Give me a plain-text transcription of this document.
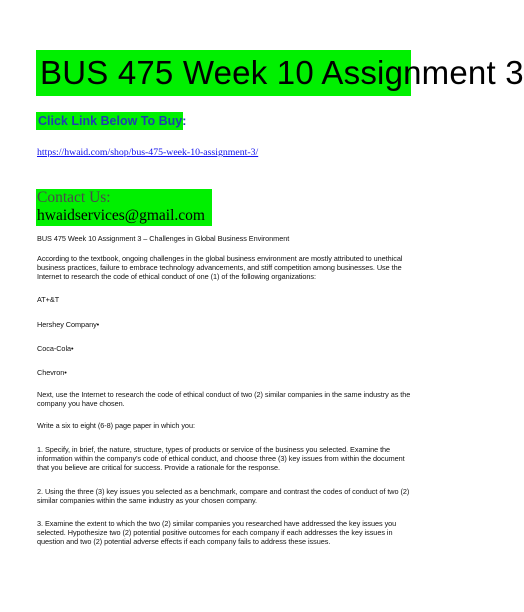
BUS 475 Week 10 Assignment 3
Click Link Below To Buy:
https://hwaid.com/shop/bus-475-week-10-assignment-3/
Contact Us:
hwaidservices@gmail.com
BUS 475 Week 10 Assignment 3 – Challenges in Global Business Environment
According to the textbook, ongoing challenges in the global business environment are mostly attributed to unethical
business practices, failure to embrace technology advancements, and stiff competition among businesses. Use the
Internet to research the code of ethical conduct of one (1) of the following organizations:
AT+&T
Hershey Company•
Coca-Cola•
Chevron•
Next, use the Internet to research the code of ethical conduct of two (2) similar companies in the same industry as the
company you have chosen.
Write a six to eight (6-8) page paper in which you:
1. Specify, in brief, the nature, structure, types of products or service of the business you selected. Examine the
information within the company's code of ethical conduct, and choose three (3) key issues from within the document
that you believe are critical for success. Provide a rationale for the response.
2. Using the three (3) key issues you selected as a benchmark, compare and contrast the codes of conduct of two (2)
similar companies within the same industry as your chosen company.
3. Examine the extent to which the two (2) similar companies you researched have addressed the key issues you
selected. Hypothesize two (2) potential positive outcomes for each company if each addresses the key issues in
question and two (2) potential adverse effects if each company fails to address these issues.
